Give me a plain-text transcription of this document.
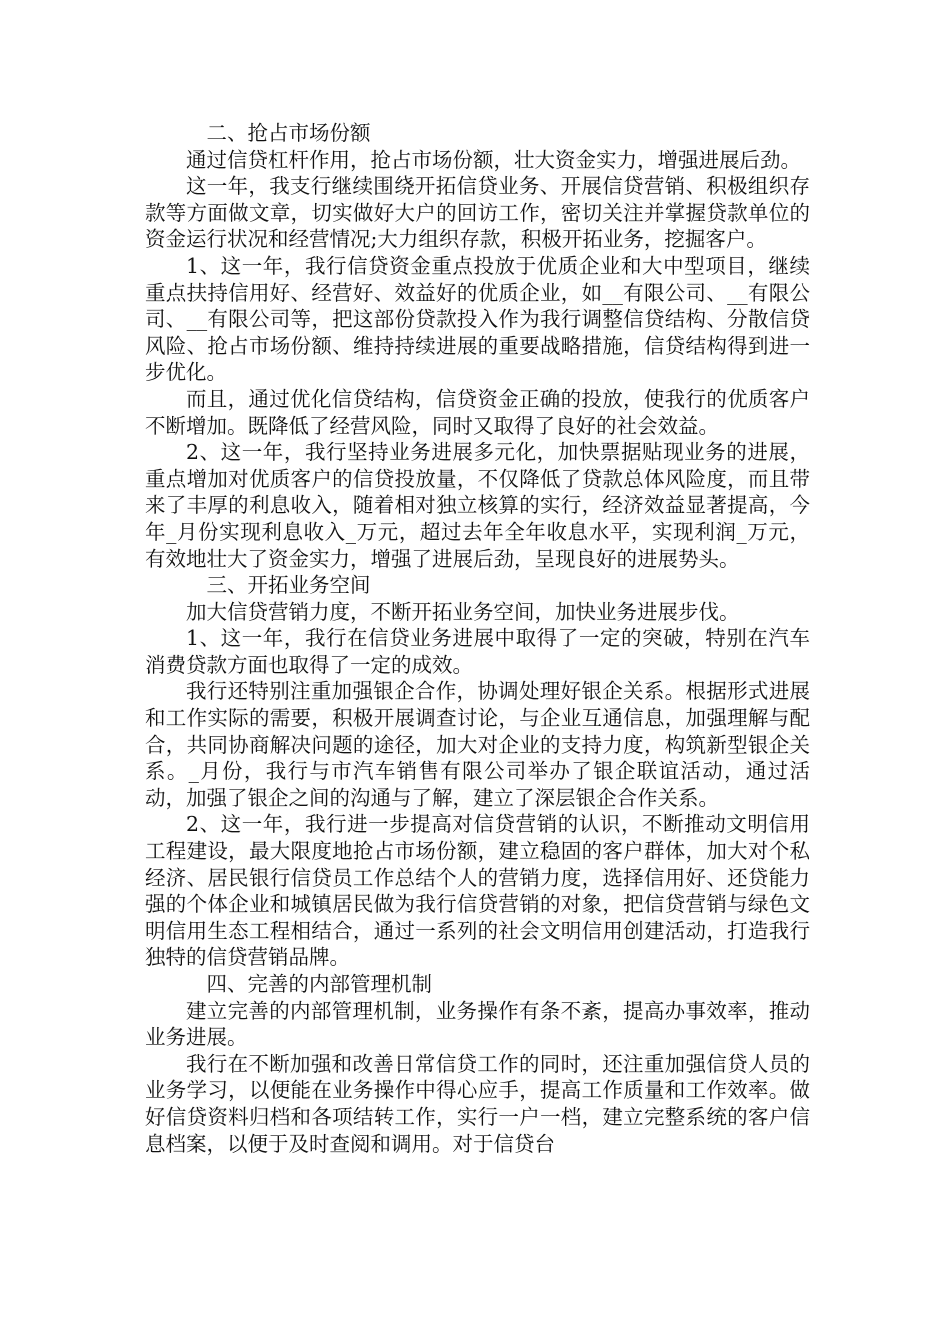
二、抢占市场份额

通过信贷杠杆作用，抢占市场份额，壮大资金实力，增强进展后劲。

这一年，我支行继续围绕开拓信贷业务、开展信贷营销、积极组织存款等方面做文章，切实做好大户的回访工作，密切关注并掌握贷款单位的资金运行状况和经营情况;大力组织存款，积极开拓业务，挖掘客户。

1、这一年，我行信贷资金重点投放于优质企业和大中型项目，继续重点扶持信用好、经营好、效益好的优质企业，如__有限公司、__有限公司、__有限公司等，把这部份贷款投入作为我行调整信贷结构、分散信贷风险、抢占市场份额、维持持续进展的重要战略措施，信贷结构得到进一步优化。

而且，通过优化信贷结构，信贷资金正确的投放，使我行的优质客户不断增加。既降低了经营风险，同时又取得了良好的社会效益。

2、这一年，我行坚持业务进展多元化，加快票据贴现业务的进展，重点增加对优质客户的信贷投放量，不仅降低了贷款总体风险度，而且带来了丰厚的利息收入，随着相对独立核算的实行，经济效益显著提高，今年_月份实现利息收入_万元，超过去年全年收息水平，实现利润_万元，有效地壮大了资金实力，增强了进展后劲，呈现良好的进展势头。

三、开拓业务空间

加大信贷营销力度，不断开拓业务空间，加快业务进展步伐。

1、这一年，我行在信贷业务进展中取得了一定的突破，特别在汽车消费贷款方面也取得了一定的成效。

我行还特别注重加强银企合作，协调处理好银企关系。根据形式进展和工作实际的需要，积极开展调查讨论，与企业互通信息，加强理解与配合，共同协商解决问题的途径，加大对企业的支持力度，构筑新型银企关系。_月份，我行与市汽车销售有限公司举办了银企联谊活动，通过活动，加强了银企之间的沟通与了解，建立了深层银企合作关系。

2、这一年，我行进一步提高对信贷营销的认识，不断推动文明信用工程建设，最大限度地抢占市场份额，建立稳固的客户群体，加大对个私经济、居民银行信贷员工作总结个人的营销力度，选择信用好、还贷能力强的个体企业和城镇居民做为我行信贷营销的对象，把信贷营销与绿色文明信用生态工程相结合，通过一系列的社会文明信用创建活动，打造我行独特的信贷营销品牌。

四、完善的内部管理机制

建立完善的内部管理机制，业务操作有条不紊，提高办事效率，推动业务进展。

我行在不断加强和改善日常信贷工作的同时，还注重加强信贷人员的业务学习，以便能在业务操作中得心应手，提高工作质量和工作效率。做好信贷资料归档和各项结转工作，实行一户一档，建立完整系统的客户信息档案，以便于及时查阅和调用。对于信贷台
